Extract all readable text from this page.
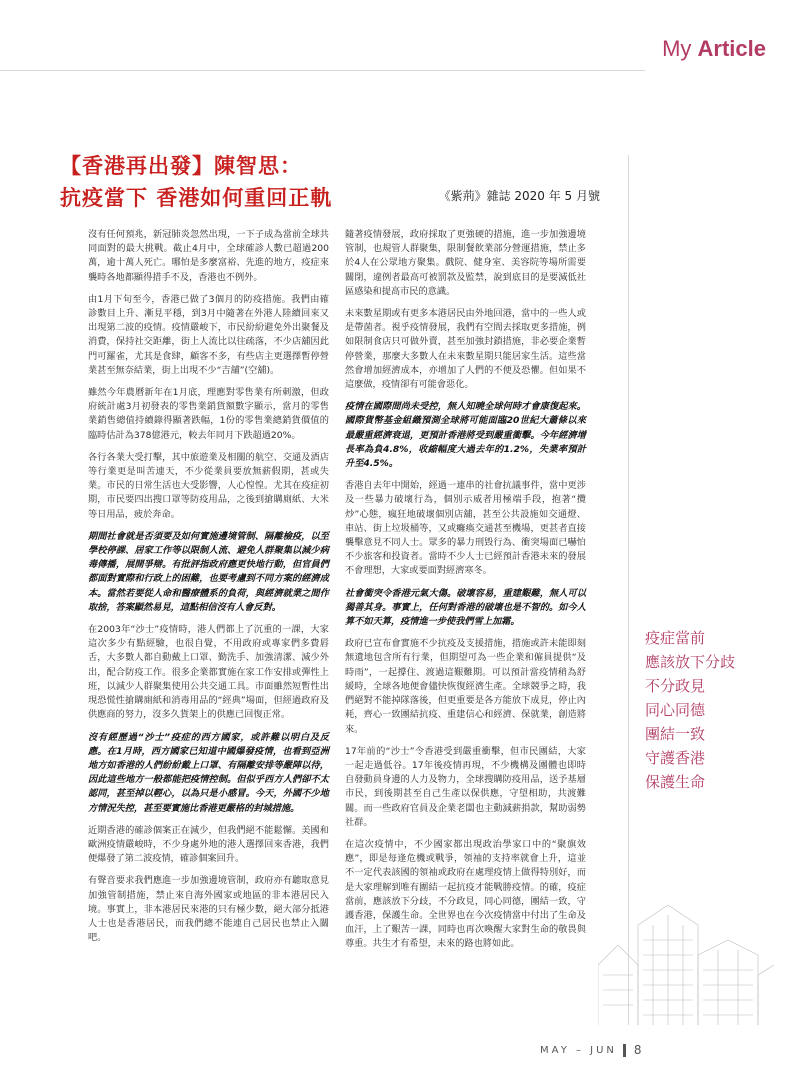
My Article
【香港再出發】陳智思：
抗疫當下 香港如何重回正軌	《紫荊》雜誌 2020 年 5 月號

沒有任何預兆，新冠肺炎忽然出現，一下子成為當前全球共同面對的最大挑戰。截止4月中，全球確診人數已超過200萬，逾十萬人死亡。哪怕是多麼富裕、先進的地方，疫症來襲時各地都顯得措手不及，香港也不例外。

由1月下旬至今，香港已做了3個月的防疫措施。我們由確診數目上升、漸見平穩，到3月中隨著在外港人陸續回來又出現第二波的疫情。疫情嚴峻下，市民紛紛避免外出聚餐及消費，保持社交距離，街上人流比以往疏落，不少店舖因此門可羅雀，尤其是食肆，顧客不多，有些店主更選擇暫停營業甚至無奈結業，街上出現不少“吉舖”(空舖)。

雖然今年農曆新年在1月底，理應對零售業有所刺激，但政府統計處3月初發表的零售業銷貨額數字顯示，當月的零售業銷售總值持續錄得顯著跌幅，1份的零售業總銷貨價值的臨時估計為378億港元，較去年同月下跌超過20%。

各行各業大受打擊，其中旅遊業及相關的航空、交通及酒店等行業更是叫苦連天，不少從業員要放無薪假期，甚或失業。市民的日常生活也大受影響，人心惶惶。尤其在疫症初期，市民要四出搜口罩等防疫用品，之後到搶購廁紙、大米等日用品，疲於奔命。

期間社會就是否須要及如何實施邊境管制、隔離檢疫，以至學校停課、居家工作等以限制人流、避免人群聚集以減少病毒傳播，展開爭辯。有批評指政府應更快地行動，但官員們都面對實際和行政上的困難，也要考慮到不同方案的經濟成本。當然若要從人命和醫療體系的負荷，與經濟就業之間作取捨，答案顯然易見，這點相信沒有人會反對。

在2003年“沙士”疫情時，港人們都上了沉重的一課，大家這次多少有點經驗，也很自覺，不用政府或專家們多費唇舌，大多數人都自動戴上口罩、勤洗手、加強清潔、減少外出，配合防疫工作。很多企業都實施在家工作安排或彈性上班，以減少人群聚集使用公共交通工具。市面雖然短暫性出現恐慌性搶購廁紙和消毒用品的“經典”場面，但經過政府及供應商的努力，沒多久貨架上的供應已回復正常。

沒有經歷過“沙士”疫症的西方國家，或許難以明白及反應。在1月時，西方國家已知道中國爆發疫情，也看到亞洲地方如香港的人們紛紛戴上口罩、有隔離安排等嚴陣以待，因此這些地方一般都能把疫情控制。但似乎西方人們卻不太認同，甚至掉以輕心，以為只是小感冒。今天，外國不少地方情況失控，甚至要實施比香港更嚴格的封城措施。

近期香港的確診個案正在減少，但我們絕不能鬆懈。美國和歐洲疫情嚴峻時，不少身處外地的港人選擇回來香港，我們便爆發了第二波疫情，確診個案回升。

有聲音要求我們應進一步加強邊境管制，政府亦有聽取意見加強管制措施，禁止來自海外國家或地區的非本港居民入境。事實上，非本港居民來港的只有極少數，絕大部分抵港人士也是香港居民，而我們總不能連自己居民也禁止入關吧。

隨著疫情發展，政府採取了更強硬的措施，進一步加強邊境管制，也規管人群聚集，限制餐飲業部分營運措施，禁止多於4人在公眾地方聚集。戲院、健身室、美容院等場所需要關閉，違例者最高可被罰款及監禁，說到底目的是要減低社區感染和提高市民的意識。

未來數星期或有更多本港居民由外地回港，當中的一些人或是帶菌者。視乎疫情發展，我們有空間去採取更多措施，例如限制食店只可做外賣，甚至加強封鎖措施，非必要企業暫停營業，那麼大多數人在未來數星期只能居家生活。這些當然會增加經濟成本，亦增加了人們的不便及恐懼。但如果不這麼做，疫情卻有可能會惡化。

疫情在國際間尚未受控，無人知曉全球何時才會康復起來。國際貨幣基金組織預測全球將可能面臨20世紀大蕭條以來最嚴重經濟衰退，更預計香港將受到嚴重衝擊。今年經濟增長率為負4.8%，收縮幅度大過去年的1.2%，失業率預計升至4.5%。

香港自去年中開始，經過一連串的社會抗議事件，當中更涉及一些暴力破壞行為，個別示威者用極端手段，抱著“攬炒”心態，瘋狂地破壞個別店舖，甚至公共設施如交通燈、車站、街上垃圾桶等，又或癱瘓交通甚至機場，更甚者直接襲擊意見不同人士。眾多的暴力刑毀行為、衝突場面已嚇怕不少旅客和投資者。當時不少人士已經預計香港未來的發展不會理想，大家或要面對經濟寒冬。

社會衝突令香港元氣大傷。破壞容易，重建艱難，無人可以獨善其身。事實上，任何對香港的破壞也是不智的。如今人算不如天算，疫情進一步使我們雪上加霜。

政府已宣布會實施不少抗疫及支援措施，措施或許未能即刻無遺地包含所有行業，但期望可為一些企業和僱員提供“及時雨”，一起撐住、渡過這艱難期。可以預計當疫情稍為舒緩時，全球各地便會儘快恢復經濟生產。全球競爭之時，我們絕對不能掉隊落後，但更重要是各方能放下成見，停止內耗，齊心一致團結抗疫、重建信心和經濟、保就業，創造將來。

17年前的“沙士”令香港受到嚴重衝擊，但市民團結，大家一起走過低谷。17年後疫情再現，不少機構及團體也即時自發動員身邊的人力及物力，全球搜購防疫用品，送予基層市民，到後期甚至自己生產以保供應，守望相助，共渡難關。而一些政府官員及企業老闆也主動減薪捐款，幫助弱勢社群。

在這次疫情中，不少國家都出現政治學家口中的“聚旗效應”，即是每逢危機或戰爭，領袖的支持率就會上升，這並不一定代表該國的領袖或政府在處理疫情上做得特別好，而是大家理解到唯有團結一起抗疫才能戰勝疫情。的確，疫症當前，應該放下分歧，不分政見，同心同德，團結一致，守護香港，保護生命。全世界也在今次疫情當中付出了生命及血汗，上了艱苦一課，同時也再次喚醒大家對生命的敬畏與尊重。共生才有希望，未來的路也將如此。

疫症當前
應該放下分歧
不分政見
同心同德
團結一致
守護香港
保護生命
MAY – JUN 8
